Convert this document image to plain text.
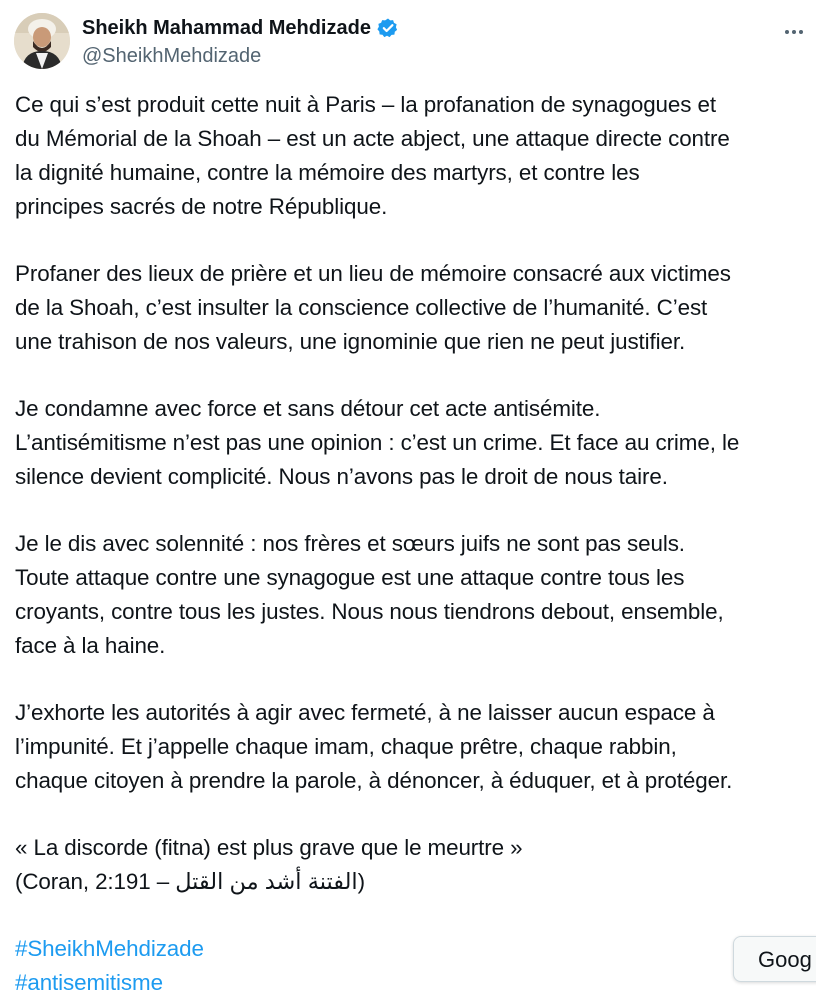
Sheikh Mahammad Mehdizade
@SheikhMehdizade

Ce qui s’est produit cette nuit à Paris – la profanation de synagogues et
du Mémorial de la Shoah – est un acte abject, une attaque directe contre
la dignité humaine, contre la mémoire des martyrs, et contre les
principes sacrés de notre République.

Profaner des lieux de prière et un lieu de mémoire consacré aux victimes
de la Shoah, c’est insulter la conscience collective de l’humanité. C’est
une trahison de nos valeurs, une ignominie que rien ne peut justifier.

Je condamne avec force et sans détour cet acte antisémite.
L’antisémitisme n’est pas une opinion : c’est un crime. Et face au crime, le
silence devient complicité. Nous n’avons pas le droit de nous taire.

Je le dis avec solennité : nos frères et sœurs juifs ne sont pas seuls.
Toute attaque contre une synagogue est une attaque contre tous les
croyants, contre tous les justes. Nous nous tiendrons debout, ensemble,
face à la haine.

J’exhorte les autorités à agir avec fermeté, à ne laisser aucun espace à
l’impunité. Et j’appelle chaque imam, chaque prêtre, chaque rabbin,
chaque citoyen à prendre la parole, à dénoncer, à éduquer, et à protéger.

« La discorde (fitna) est plus grave que le meurtre »
(Coran, 2:191 – الفتنة أشد من القتل)

#SheikhMehdizade
#antisemitisme
Goog
